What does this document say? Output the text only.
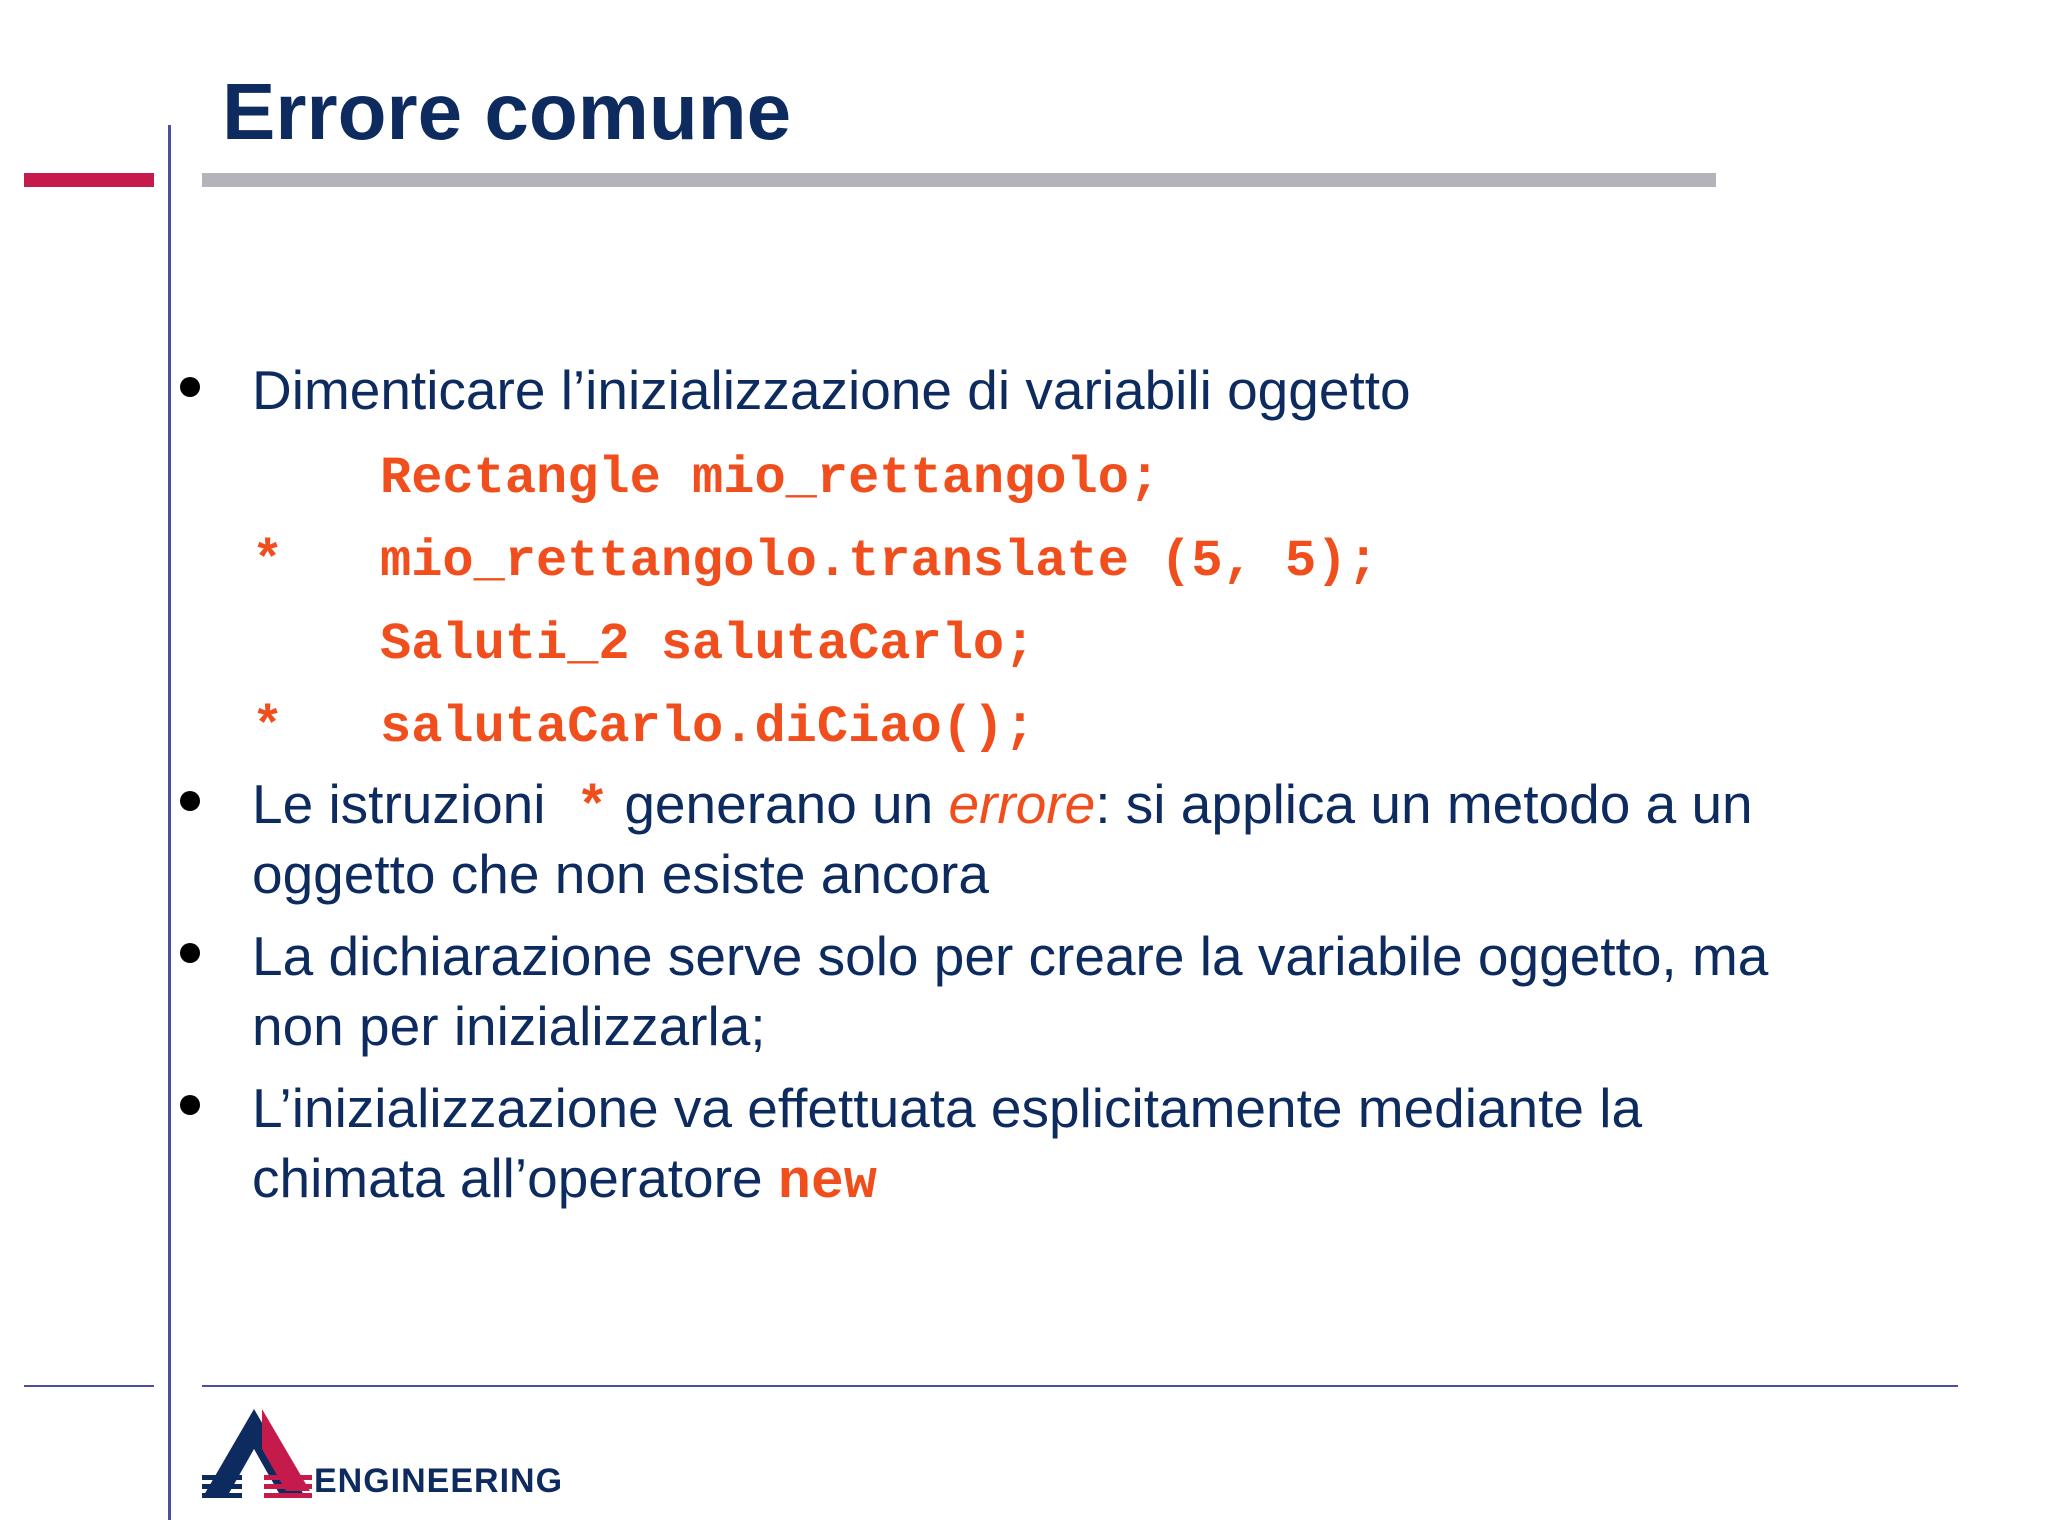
Errore comune
Dimenticare l’inizializzazione di variabili oggetto
Rectangle mio_rettangolo;
* mio_rettangolo.translate (5, 5);
Saluti_2 salutaCarlo;
* salutaCarlo.diCiao();
Le istruzioni * generano un errore: si applica un metodo a un
oggetto che non esiste ancora
La dichiarazione serve solo per creare la variabile oggetto, ma
non per inizializzarla;
L’inizializzazione va effettuata esplicitamente mediante la
chimata all’operatore new
ENGINEERING
